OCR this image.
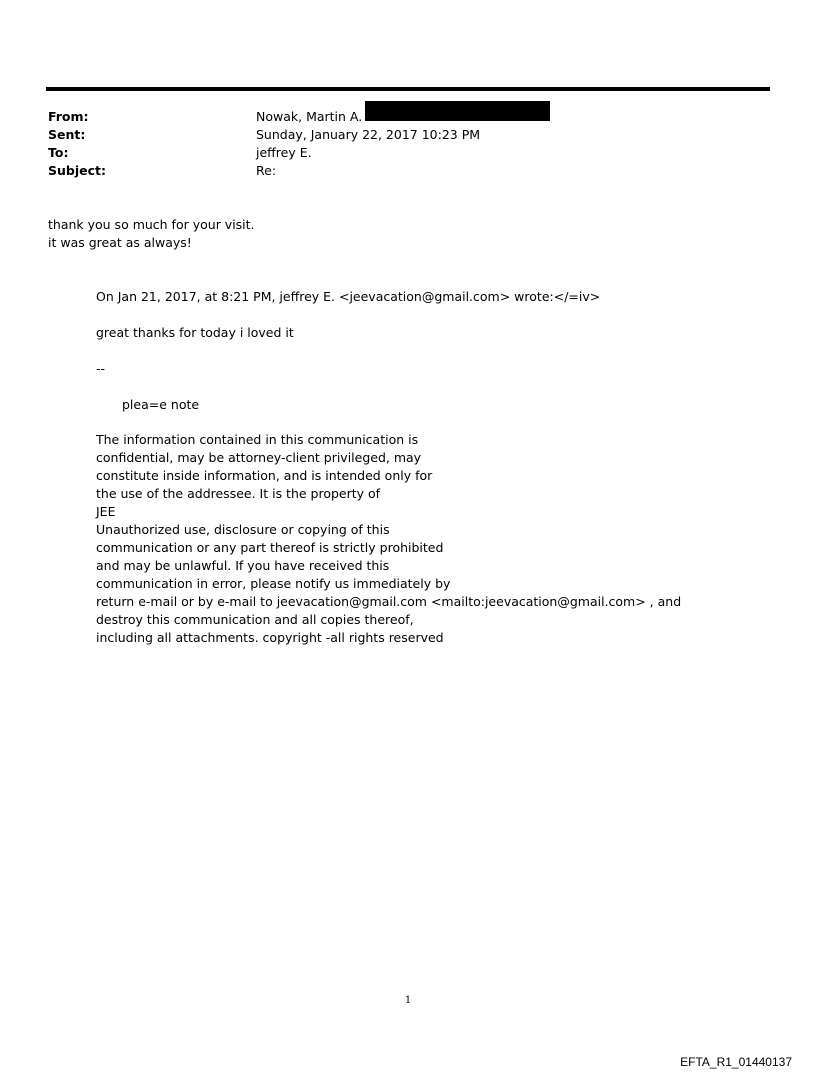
From:	Nowak, Martin A.
Sent:	Sunday, January 22, 2017 10:23 PM
To:	jeffrey E.
Subject:	Re:
thank you so much for your visit.
it was great as always!
On Jan 21, 2017, at 8:21 PM, jeffrey E. <jeevacation@gmail.com> wrote:</=iv>
great thanks for today i loved it
--
plea=e note
The information contained in this communication is
confidential, may be attorney-client privileged, may
constitute inside information, and is intended only for
the use of the addressee. It is the property of
JEE
Unauthorized use, disclosure or copying of this
communication or any part thereof is strictly prohibited
and may be unlawful. If you have received this
communication in error, please notify us immediately by
return e-mail or by e-mail to jeevacation@gmail.com <mailto:jeevacation@gmail.com> , and
destroy this communication and all copies thereof,
including all attachments. copyright -all rights reserved
1
EFTA_R1_01440137
